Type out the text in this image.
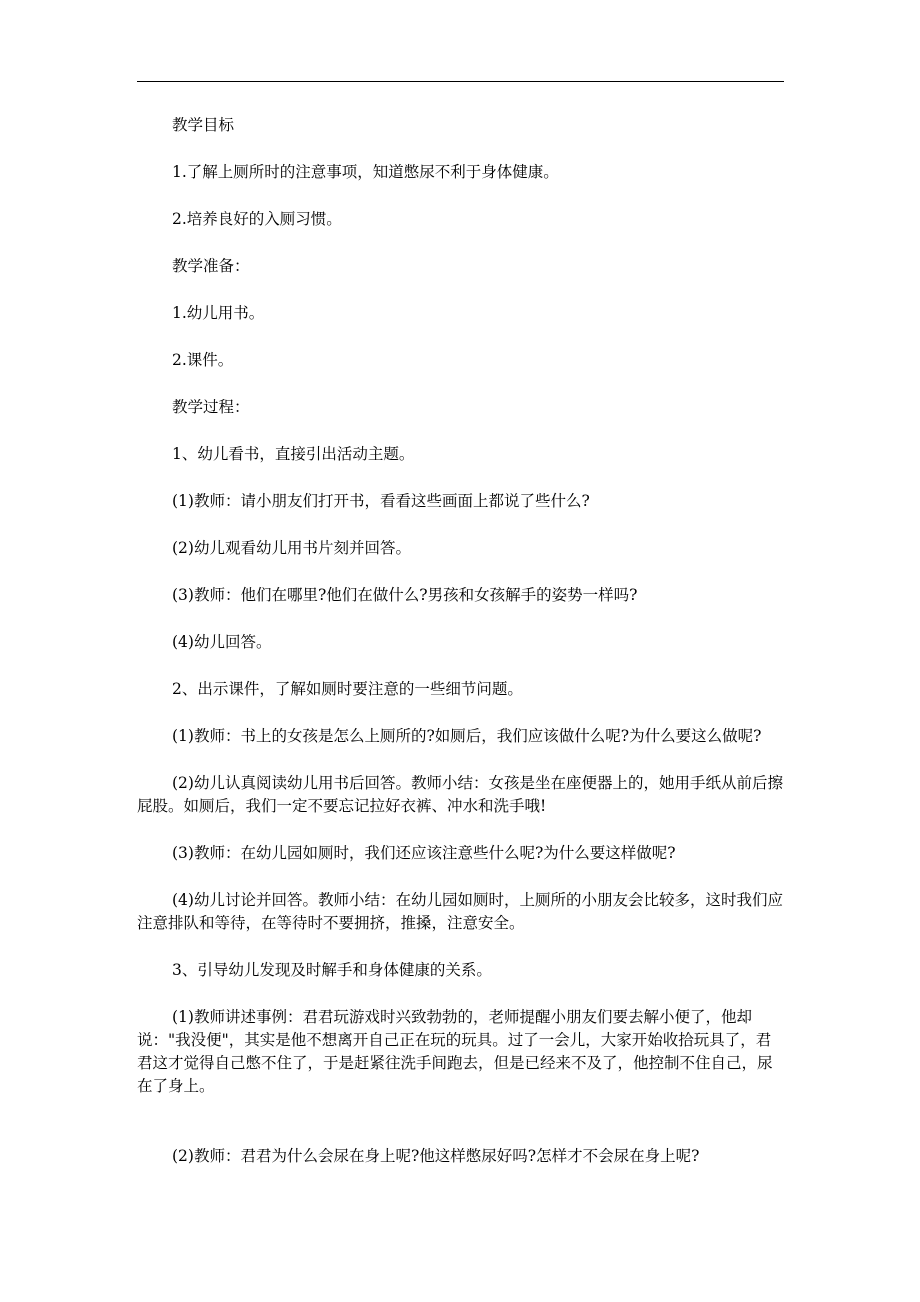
教学目标
1.了解上厕所时的注意事项，知道憋尿不利于身体健康。
2.培养良好的入厕习惯。
教学准备：
1.幼儿用书。
2.课件。
教学过程：
1、幼儿看书，直接引出活动主题。
(1)教师：请小朋友们打开书，看看这些画面上都说了些什么?
(2)幼儿观看幼儿用书片刻并回答。
(3)教师：他们在哪里?他们在做什么?男孩和女孩解手的姿势一样吗?
(4)幼儿回答。
2、出示课件，了解如厕时要注意的一些细节问题。
(1)教师：书上的女孩是怎么上厕所的?如厕后，我们应该做什么呢?为什么要这么做呢?
(2)幼儿认真阅读幼儿用书后回答。教师小结：女孩是坐在座便器上的，她用手纸从前后擦屁股。如厕后，我们一定不要忘记拉好衣裤、冲水和洗手哦!
(3)教师：在幼儿园如厕时，我们还应该注意些什么呢?为什么要这样做呢?
(4)幼儿讨论并回答。教师小结：在幼儿园如厕时，上厕所的小朋友会比较多，这时我们应注意排队和等待，在等待时不要拥挤，推搡，注意安全。
3、引导幼儿发现及时解手和身体健康的关系。
(1)教师讲述事例：君君玩游戏时兴致勃勃的，老师提醒小朋友们要去解小便了，他却说："我没便"，其实是他不想离开自己正在玩的玩具。过了一会儿，大家开始收拾玩具了，君君这才觉得自己憋不住了，于是赶紧往洗手间跑去，但是已经来不及了，他控制不住自己，尿在了身上。
(2)教师：君君为什么会尿在身上呢?他这样憋尿好吗?怎样才不会尿在身上呢?
